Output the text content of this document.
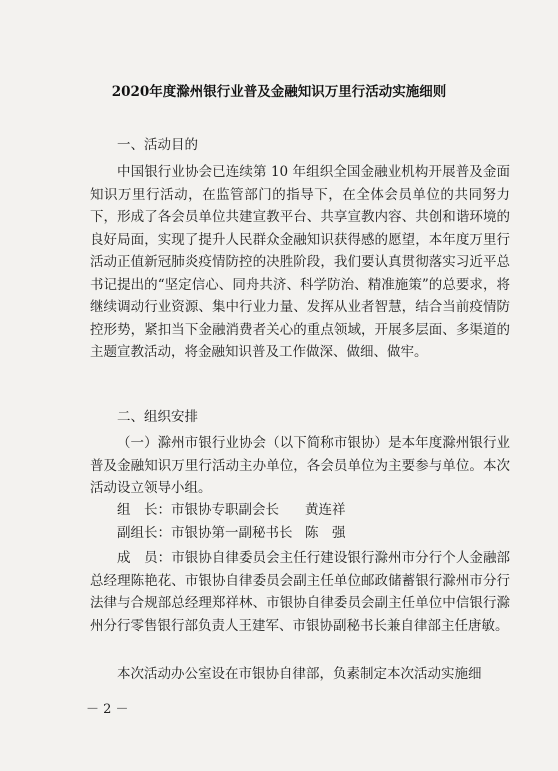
2020年度滁州银行业普及金融知识万里行活动实施细则
一、活动目的
中国银行业协会已连续第 10 年组织全国金融业机构开展普及金面知识万里行活动，在监管部门的指导下，在全体会员单位的共同努力下，形成了各会员单位共建宣教平台、共享宣教内容、共创和谐环境的良好局面，实现了提升人民群众金融知识获得感的愿望，本年度万里行活动正值新冠肺炎疫情防控的决胜阶段，我们要认真贯彻落实习近平总书记提出的“坚定信心、同舟共济、科学防治、精准施策”的总要求，将继续调动行业资源、集中行业力量、发挥从业者智慧，结合当前疫情防控形势，紧扣当下金融消费者关心的重点领域，开展多层面、多渠道的主题宣教活动，将金融知识普及工作做深、做细、做牢。
二、组织安排
（一）滁州市银行业协会（以下简称市银协）是本年度滁州银行业普及金融知识万里行活动主办单位，各会员单位为主要参与单位。本次活动设立领导小组。
组　长：市银协专职副会长 黄连祥
副组长：市银协第一副秘书长 陈　强
成　员：市银协自律委员会主任行建设银行滁州市分行个人金融部总经理陈艳花、市银协自律委员会副主任单位邮政储蓄银行滁州市分行法律与合规部总经理郑祥林、市银协自律委员会副主任单位中信银行滁州分行零售银行部负责人王建军、市银协副秘书长兼自律部主任唐敏。
本次活动办公室设在市银协自律部，负素制定本次活动实施细
－ 2 －
